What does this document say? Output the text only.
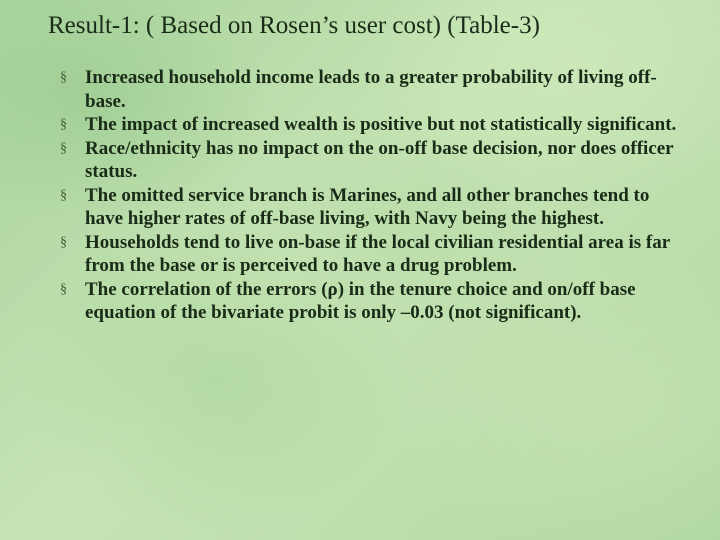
Result-1: ( Based on Rosen’s user cost) (Table-3)
§ Increased household income leads to a greater probability of living off-base.
§ The impact of increased wealth is positive but not statistically significant.
§ Race/ethnicity has no impact on the on-off base decision, nor does officer status.
§ The omitted service branch is Marines, and all other branches tend to have higher rates of off-base living, with Navy being the highest.
§ Households tend to live on-base if the local civilian residential area is far from the base or is perceived to have a drug problem.
§ The correlation of the errors (ρ) in the tenure choice and on/off base equation of the bivariate probit is only –0.03 (not significant).
